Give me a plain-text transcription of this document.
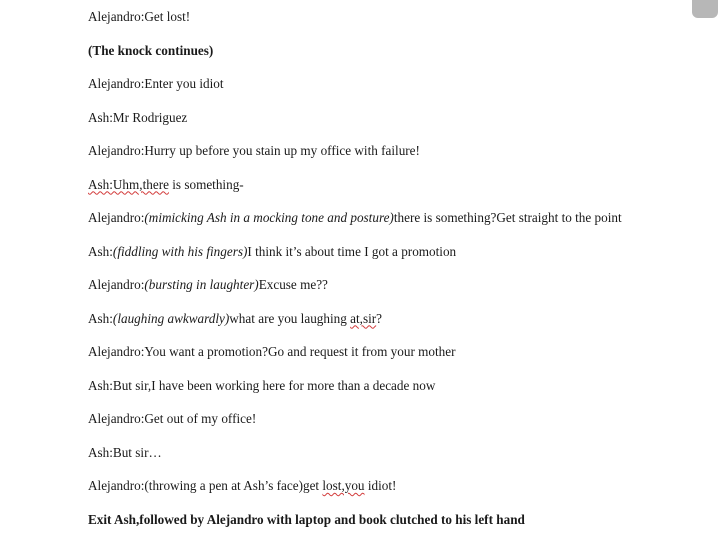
Alejandro:Get lost!

(The knock continues)

Alejandro:Enter you idiot

Ash:Mr Rodriguez

Alejandro:Hurry up before you stain up my office with failure!

Ash:Uhm,there is something-

Alejandro:(mimicking Ash in a mocking tone and posture)there is something?Get straight to the point

Ash:(fiddling with his fingers)I think it’s about time I got a promotion

Alejandro:(bursting in laughter)Excuse me??

Ash:(laughing awkwardly)what are you laughing at,sir?

Alejandro:You want a promotion?Go and request it from your mother

Ash:But sir,I have been working here for more than a decade now

Alejandro:Get out of my office!

Ash:But sir…

Alejandro:(throwing a pen at Ash’s face)get lost,you idiot!

Exit Ash,followed by Alejandro with laptop and book clutched to his left hand
